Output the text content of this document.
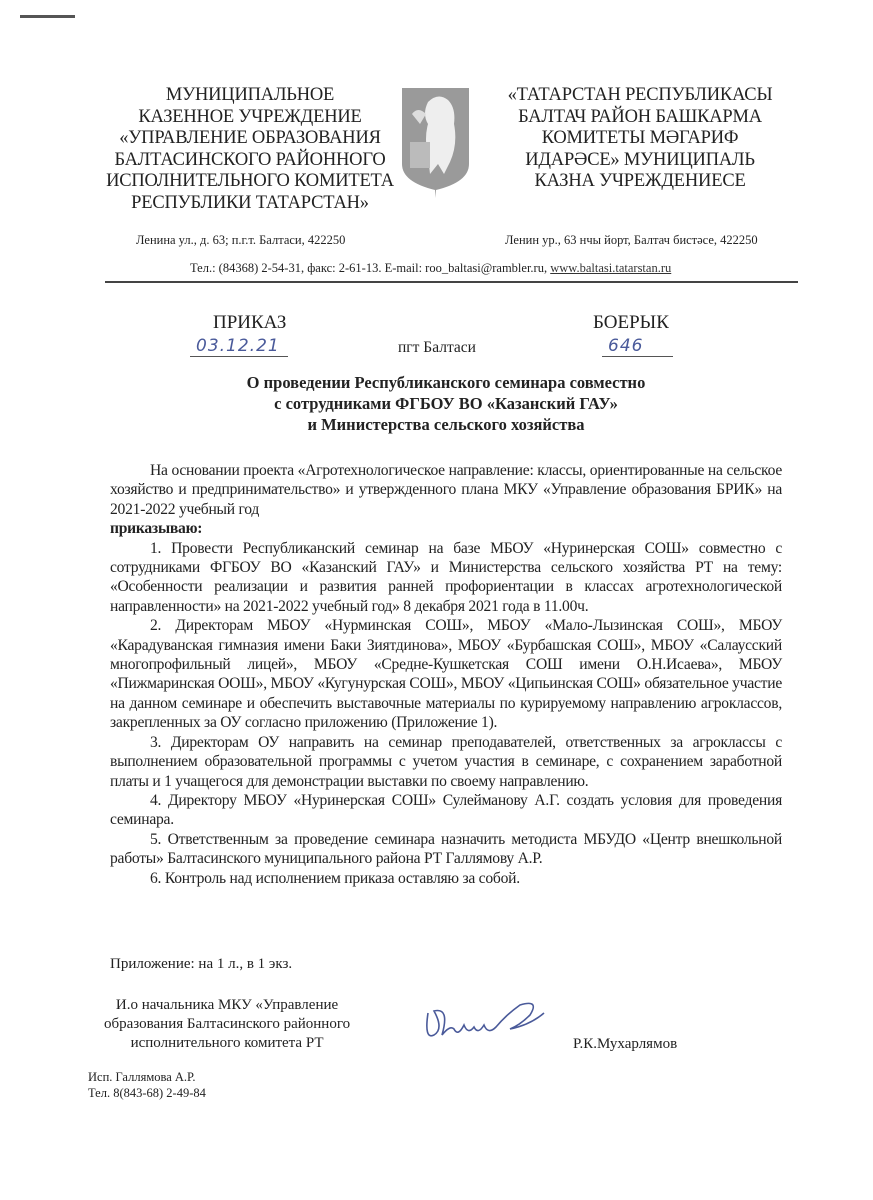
МУНИЦИПАЛЬНОЕ
КАЗЕННОЕ УЧРЕЖДЕНИЕ
«УПРАВЛЕНИЕ ОБРАЗОВАНИЯ
БАЛТАСИНСКОГО РАЙОННОГО
ИСПОЛНИТЕЛЬНОГО КОМИТЕТА
РЕСПУБЛИКИ ТАТАРСТАН»
«ТАТАРСТАН РЕСПУБЛИКАСЫ
БАЛТАЧ РАЙОН БАШКАРМА
КОМИТЕТЫ МӘГАРИФ
ИДАРӘСЕ» МУНИЦИПАЛЬ
КАЗНА УЧРЕЖДЕНИЕСЕ
Ленина ул., д. 63; п.г.т. Балтаси, 422250	Ленин ур., 63 нчы йорт, Балтач бистәсе, 422250
Тел.: (84368) 2-54-31, факс: 2-61-13. E-mail: roo_baltasi@rambler.ru, www.baltasi.tatarstan.ru
ПРИКАЗ	БОЕРЫК
03.12.21	пгт Балтаси	646
О проведении Республиканского семинара совместно
с сотрудниками ФГБОУ ВО «Казанский ГАУ»
и Министерства сельского хозяйства

На основании проекта «Агротехнологическое направление: классы, ориентированные на сельское хозяйство и предпринимательство» и утвержденного плана МКУ «Управление образования БРИК» на 2021-2022 учебный год

приказываю:

1. Провести Республиканский семинар на базе МБОУ «Нуринерская СОШ» совместно с сотрудниками ФГБОУ ВО «Казанский ГАУ» и Министерства сельского хозяйства РТ на тему: «Особенности реализации и развития ранней профориентации в классах агротехнологической направленности» на 2021-2022 учебный год» 8 декабря 2021 года в 11.00ч.

2. Директорам МБОУ «Нурминская СОШ», МБОУ «Мало-Лызинская СОШ», МБОУ «Карадуванская гимназия имени Баки Зиятдинова», МБОУ «Бурбашская СОШ», МБОУ «Салаусский многопрофильный лицей», МБОУ «Средне-Кушкетская СОШ имени О.Н.Исаева», МБОУ «Пижмаринская ООШ», МБОУ «Кугунурская СОШ», МБОУ «Ципьинская СОШ» обязательное участие на данном семинаре и обеспечить выставочные материалы по курируемому направлению агроклассов, закрепленных за ОУ согласно приложению (Приложение 1).

3. Директорам ОУ направить на семинар преподавателей, ответственных за агроклассы с выполнением образовательной программы с учетом участия в семинаре, с сохранением заработной платы и 1 учащегося для демонстрации выставки по своему направлению.

4. Директору МБОУ «Нуринерская СОШ» Сулейманову А.Г. создать условия для проведения семинара.

5. Ответственным за проведение семинара назначить методиста МБУДО «Центр внешкольной работы» Балтасинского муниципального района РТ Галлямову А.Р.

6. Контроль над исполнением приказа оставляю за собой.

Приложение: на 1 л., в 1 экз.
И.о начальника МКУ «Управление
образования Балтасинского районного
исполнительного комитета РТ	Р.К.Мухарлямов
Исп. Галлямова А.Р.
Тел. 8(843-68) 2-49-84
